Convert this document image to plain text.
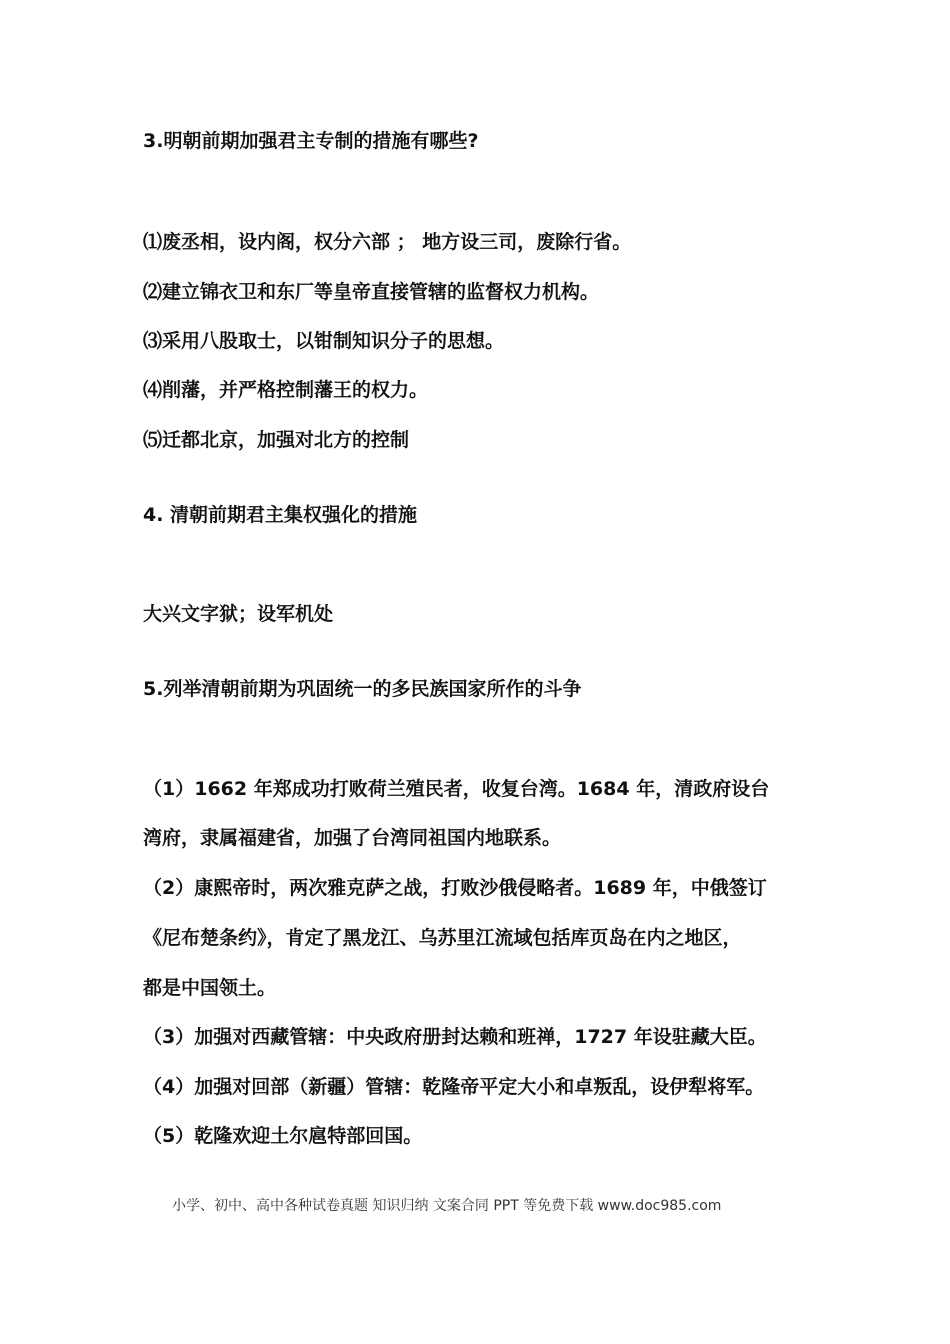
3.明朝前期加强君主专制的措施有哪些?
⑴废丞相，设内阁，权分六部 ； 地方设三司，废除行省。
⑵建立锦衣卫和东厂等皇帝直接管辖的监督权力机构。
⑶采用八股取士，以钳制知识分子的思想。
⑷削藩，并严格控制藩王的权力。
⑸迁都北京，加强对北方的控制
4. 清朝前期君主集权强化的措施
大兴文字狱；设军机处
5.列举清朝前期为巩固统一的多民族国家所作的斗争
（1）1662 年郑成功打败荷兰殖民者，收复台湾。1684 年，清政府设台
湾府，隶属福建省，加强了台湾同祖国内地联系。
（2）康熙帝时，两次雅克萨之战，打败沙俄侵略者。1689 年，中俄签订
《尼布楚条约》，肯定了黑龙江、乌苏里江流域包括库页岛在内之地区，
都是中国领土。
（3）加强对西藏管辖：中央政府册封达赖和班禅，1727 年设驻藏大臣。
（4）加强对回部（新疆）管辖：乾隆帝平定大小和卓叛乱，设伊犁将军。
（5）乾隆欢迎土尔扈特部回国。
小学、初中、高中各种试卷真题 知识归纳 文案合同 PPT 等免费下载 www.doc985.com
